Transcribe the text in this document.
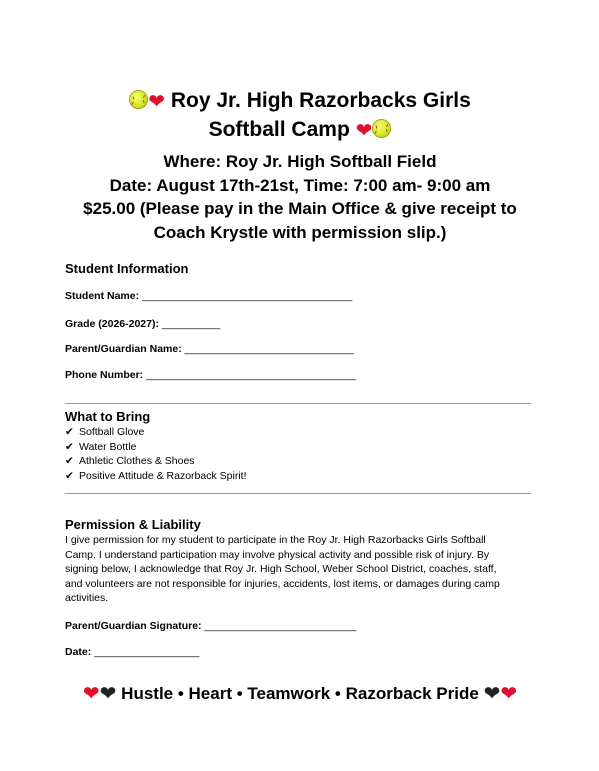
❤ Roy Jr. High Razorbacks Girls
Softball Camp ❤
Where: Roy Jr. High Softball Field
Date: August 17th-21st, Time: 7:00 am- 9:00 am
$25.00 (Please pay in the Main Office & give receipt to
Coach Krystle with permission slip.)
Student Information
Student Name: ____________________________________
Grade (2026-2027): __________
Parent/Guardian Name: _____________________________
Phone Number: ____________________________________
What to Bring
✔ Softball Glove
✔ Water Bottle
✔ Athletic Clothes & Shoes
✔ Positive Attitude & Razorback Spirit!
Permission & Liability
I give permission for my student to participate in the Roy Jr. High Razorbacks Girls Softball
Camp. I understand participation may involve physical activity and possible risk of injury. By
signing below, I acknowledge that Roy Jr. High School, Weber School District, coaches, staff,
and volunteers are not responsible for injuries, accidents, lost items, or damages during camp
activities.
Parent/Guardian Signature: __________________________
Date: __________________
❤❤ Hustle • Heart • Teamwork • Razorback Pride ❤❤
